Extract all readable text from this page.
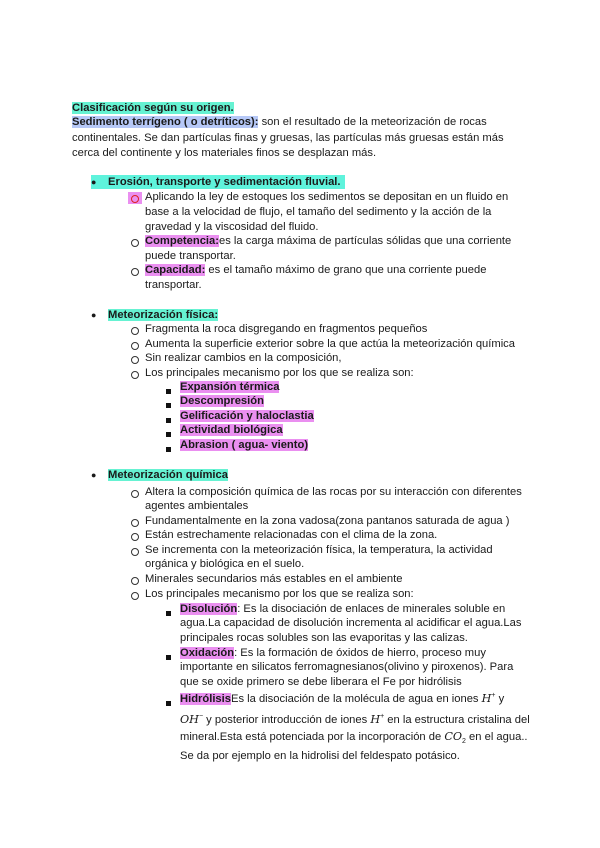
Clasificación según su origen.
Sedimento terrígeno ( o detríticos): son el resultado de la meteorización de rocas
continentales. Se dan partículas finas y gruesas, las partículas más gruesas están más
cerca del continente y los materiales finos se desplazan más.
● Erosión, transporte y sedimentación fluvial.
Aplicando la ley de estoques los sedimentos se depositan en un fluido en
base a la velocidad de flujo, el tamaño del sedimento y la acción de la
gravedad y la viscosidad del fluido.
Competencia:es la carga máxima de partículas sólidas que una corriente
puede transportar.
Capacidad: es el tamaño máximo de grano que una corriente puede
transportar.
● Meteorización física:
Fragmenta la roca disgregando en fragmentos pequeños
Aumenta la superficie exterior sobre la que actúa la meteorización química
Sin realizar cambios en la composición,
Los principales mecanismo por los que se realiza son:
Expansión térmica
Descompresión
Gelificación y haloclastia
Actividad biológica
Abrasion ( agua- viento)
● Meteorización química
Altera la composición química de las rocas por su interacción con diferentes
agentes ambientales
Fundamentalmente en la zona vadosa(zona pantanos saturada de agua )
Están estrechamente relacionadas con el clima de la zona.
Se incrementa con la meteorización física, la temperatura, la actividad
orgánica y biológica en el suelo.
Minerales secundarios más estables en el ambiente
Los principales mecanismo por los que se realiza son:
Disolución: Es la disociación de enlaces de minerales soluble en
agua.La capacidad de disolución incrementa al acidificar el agua.Las
principales rocas solubles son las evaporitas y las calizas.
Oxidación: Es la formación de óxidos de hierro, proceso muy
importante en silicatos ferromagnesianos(olivino y piroxenos). Para
que se oxide primero se debe liberara el Fe por hidrólisis
HidrólisisEs la disociación de la molécula de agua en iones H+ y
OH− y posterior introducción de iones H+ en la estructura cristalina del
mineral.Esta está potenciada por la incorporación de $CO_2$ en el agua..
Se da por ejemplo en la hidrolisi del feldespato potásico.
